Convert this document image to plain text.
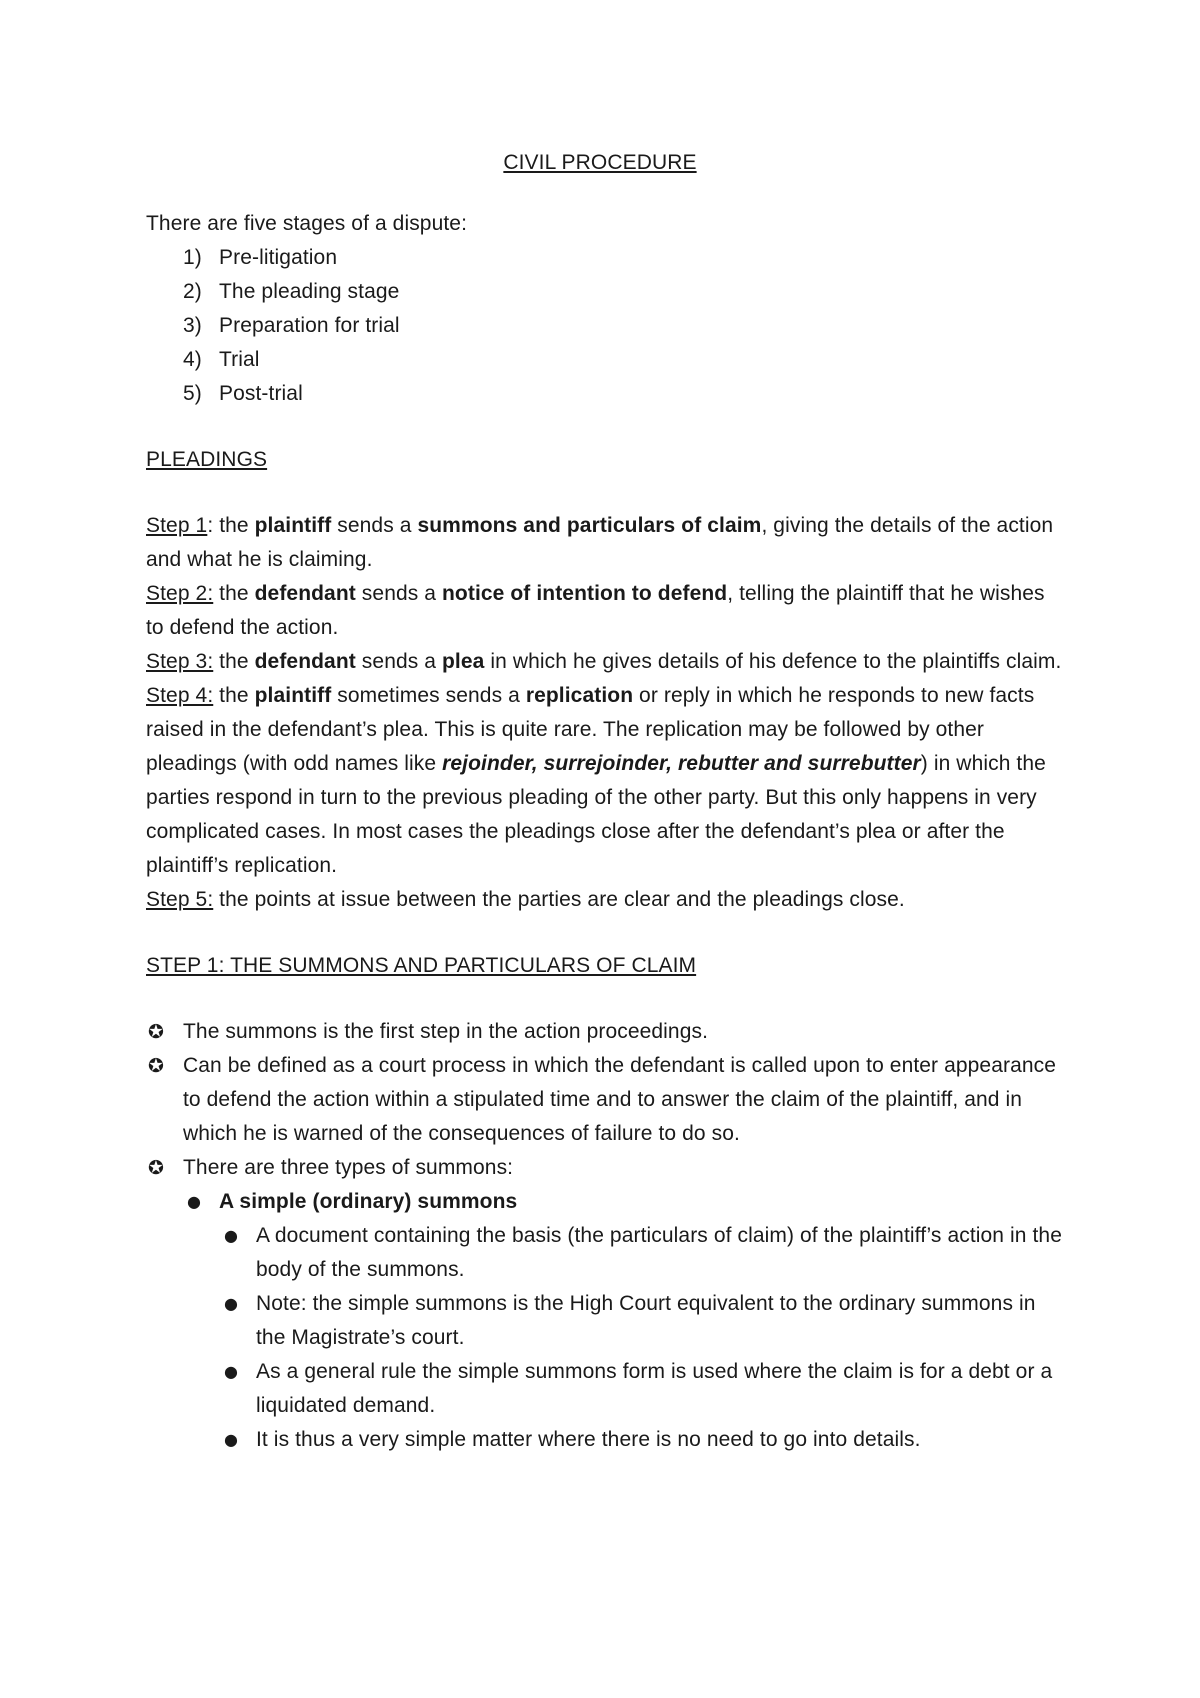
CIVIL PROCEDURE

There are five stages of a dispute:

1) Pre-litigation
2) The pleading stage
3) Preparation for trial
4) Trial
5) Post-trial
PLEADINGS

Step 1: the plaintiff sends a summons and particulars of claim, giving the details of the action and what he is claiming.

Step 2: the defendant sends a notice of intention to defend, telling the plaintiff that he wishes to defend the action.

Step 3: the defendant sends a plea in which he gives details of his defence to the plaintiffs claim.

Step 4: the plaintiff sometimes sends a replication or reply in which he responds to new facts raised in the defendant’s plea. This is quite rare. The replication may be followed by other pleadings (with odd names like rejoinder, surrejoinder, rebutter and surrebutter) in which the parties respond in turn to the previous pleading of the other party. But this only happens in very complicated cases. In most cases the pleadings close after the defendant’s plea or after the plaintiff’s replication.

Step 5: the points at issue between the parties are clear and the pleadings close.

STEP 1: THE SUMMONS AND PARTICULARS OF CLAIM
✪ The summons is the first step in the action proceedings.
✪ Can be defined as a court process in which the defendant is called upon to enter appearance to defend the action within a stipulated time and to answer the claim of the plaintiff, and in which he is warned of the consequences of failure to do so.
✪ There are three types of summons:
● A simple (ordinary) summons
● A document containing the basis (the particulars of claim) of the plaintiff’s action in the body of the summons.
● Note: the simple summons is the High Court equivalent to the ordinary summons in the Magistrate’s court.
● As a general rule the simple summons form is used where the claim is for a debt or a liquidated demand.
● It is thus a very simple matter where there is no need to go into details.
